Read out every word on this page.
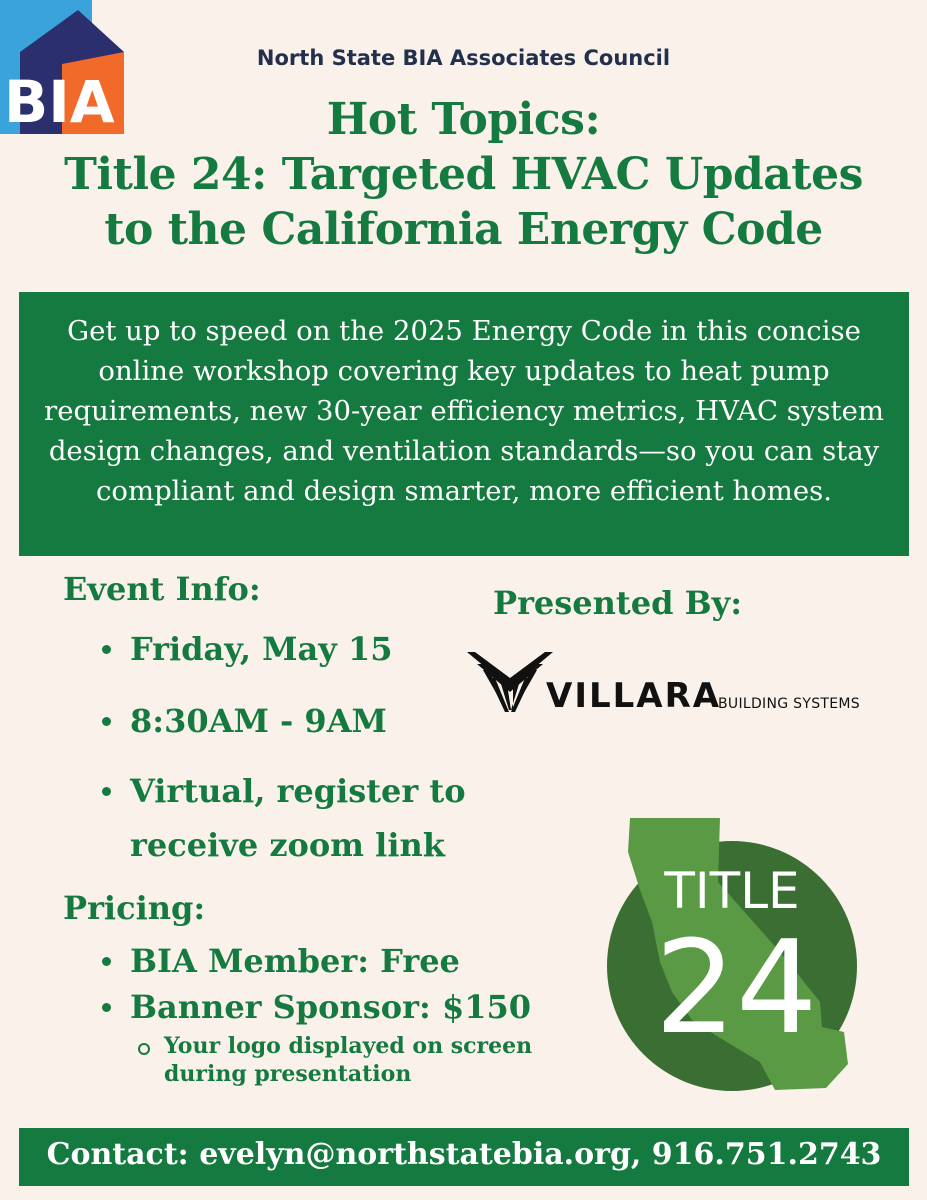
BIA
North State BIA Associates Council
Hot Topics:
Title 24: Targeted HVAC Updates
to the California Energy Code
Get up to speed on the 2025 Energy Code in this concise online workshop covering key updates to heat pump requirements, new 30-year efficiency metrics, HVAC system design changes, and ventilation standards—so you can stay compliant and design smarter, more efficient homes.
Event Info:
Friday, May 15
8:30AM - 9AM
Virtual, register to receive zoom link
Presented By:
VILLARA
BUILDING SYSTEMS
Pricing:
BIA Member: Free
Banner Sponsor: $150
Your logo displayed on screen during presentation
TITLE
24
Contact: evelyn@northstatebia.org, 916.751.2743
